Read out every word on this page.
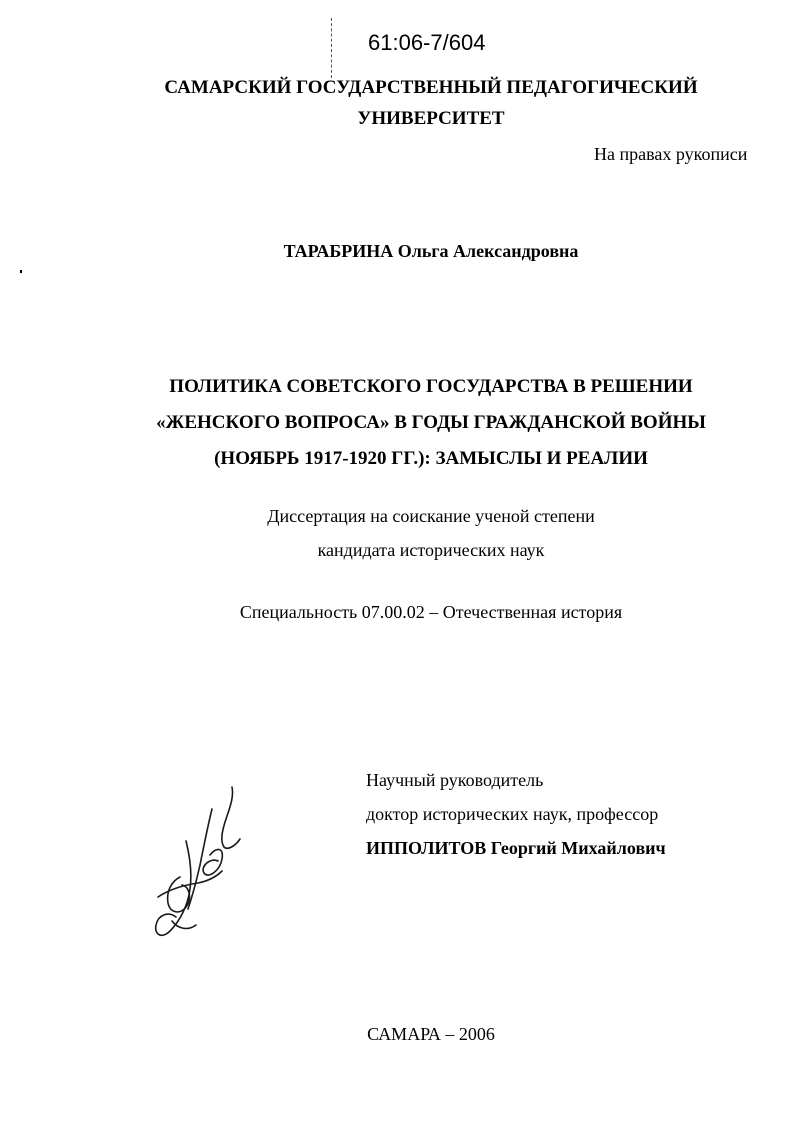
61:06-7/604
САМАРСКИЙ ГОСУДАРСТВЕННЫЙ ПЕДАГОГИЧЕСКИЙ
УНИВЕРСИТЕТ
На правах рукописи
ТАРАБРИНА Ольга Александровна
ПОЛИТИКА СОВЕТСКОГО ГОСУДАРСТВА В РЕШЕНИИ
«ЖЕНСКОГО ВОПРОСА» В ГОДЫ ГРАЖДАНСКОЙ ВОЙНЫ
(НОЯБРЬ 1917-1920 ГГ.): ЗАМЫСЛЫ И РЕАЛИИ
Диссертация на соискание ученой степени
кандидата исторических наук
Специальность 07.00.02 – Отечественная история
Научный руководитель
доктор исторических наук, профессор
ИППОЛИТОВ Георгий Михайлович
САМАРА – 2006
